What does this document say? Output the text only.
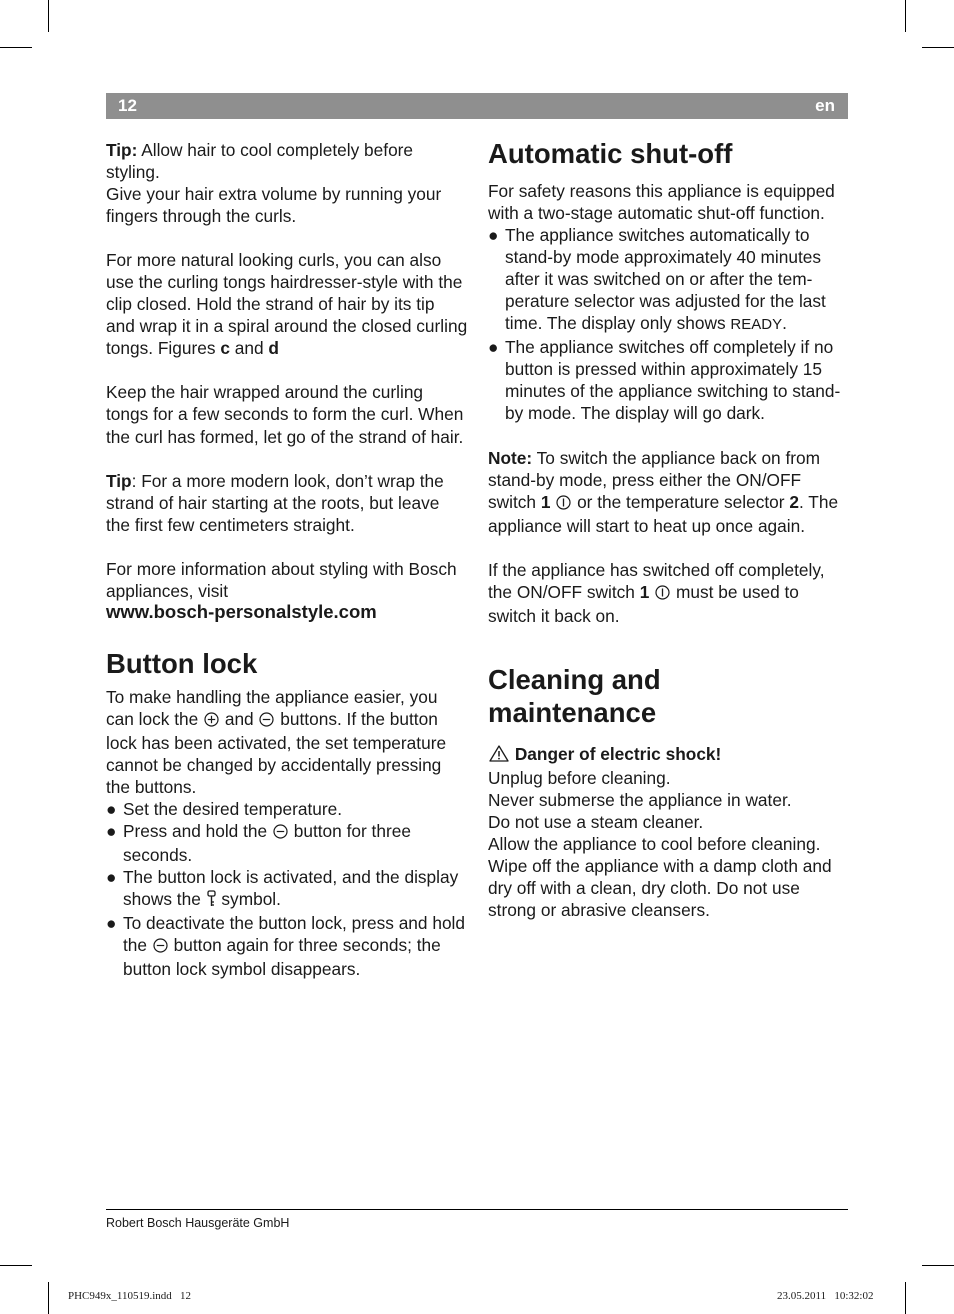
12	en

Tip: Allow hair to cool completely before styling.

Give your hair extra volume by running your fingers through the curls.

For more natural looking curls, you can also use the curling tongs hairdresser-style with the clip closed. Hold the strand of hair by its tip and wrap it in a spiral around the closed curling tongs. Figures c and d

Keep the hair wrapped around the curling tongs for a few seconds to form the curl. When the curl has formed, let go of the strand of hair.

Tip: For a more modern look, don’t wrap the strand of hair starting at the roots, but leave the first few centimeters straight.

For more information about styling with Bosch appliances, visit

www.bosch-personalstyle.com

Button lock

To make handling the appliance easier, you can lock the  and  buttons. If the button lock has been activated, the set temperature cannot be changed by accidentally pressing the buttons.

● Set the desired temperature.
● Press and hold the  button for three seconds.
● The button lock is activated, and the display shows the  symbol.
● To deactivate the button lock, press and hold the  button again for three seconds; the button lock symbol disappears.
Automatic shut-off

For safety reasons this appliance is equipped with a two-stage automatic shut-off function.

● The appliance switches automatically to stand-by mode approximately 40 minutes after it was switched on or after the tem-perature selector was adjusted for the last time. The display only shows READY.
● The appliance switches off completely if no button is pressed within approximately 15 minutes of the appliance switching to stand-by mode. The display will go dark.

Note: To switch the appliance back on from stand-by mode, press either the ON/OFF switch 1  or the temperature selector 2. The appliance will start to heat up once again.

If the appliance has switched off completely, the ON/OFF switch 1  must be used to switch it back on.

Cleaning and
maintenance

Danger of electric shock!

Unplug before cleaning.

Never submerse the appliance in water.

Do not use a steam cleaner.

Allow the appliance to cool before cleaning.

Wipe off the appliance with a damp cloth and dry off with a clean, dry cloth. Do not use strong or abrasive cleansers.

Robert Bosch Hausgeräte GmbH
PHC949x_110519.indd   12	23.05.2011   10:32:02
